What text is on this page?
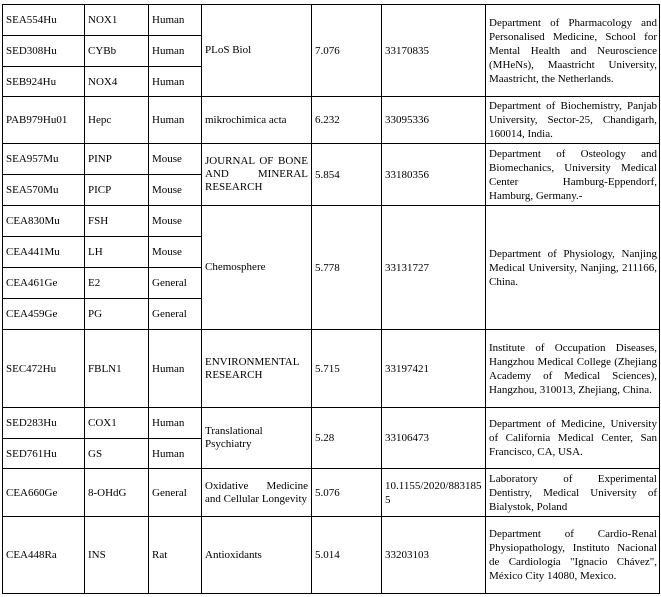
SEA554Hu	NOX1	Human	PLoS Biol	7.076	33170835	Department of Pharmacology and Personalised Medicine, School for Mental Health and Neuroscience (MHeNs), Maastricht University, Maastricht, the Netherlands.
SED308Hu	CYBb	Human				
SEB924Hu	NOX4	Human				
PAB979Hu01	Hepc	Human	mikrochimica acta	6.232	33095336	Department of Biochemistry, Panjab University, Sector-25, Chandigarh, 160014, India.
SEA957Mu	PINP	Mouse	JOURNAL OF BONE AND MINERAL RESEARCH	5.854	33180356	Department of Osteology and Biomechanics, University Medical Center Hamburg-Eppendorf, Hamburg, Germany.-
SEA570Mu	PICP	Mouse				
CEA830Mu	FSH	Mouse	Chemosphere	5.778	33131727	Department of Physiology, Nanjing Medical University, Nanjing, 211166, China.
CEA441Mu	LH	Mouse				
CEA461Ge	E2	General				
CEA459Ge	PG	General				
SEC472Hu	FBLN1	Human	ENVIRONMENTAL RESEARCH	5.715	33197421	Institute of Occupation Diseases, Hangzhou Medical College (Zhejiang Academy of Medical Sciences), Hangzhou, 310013, Zhejiang, China.
SED283Hu	COX1	Human	Translational Psychiatry	5.28	33106473	Department of Medicine, University of California Medical Center, San Francisco, CA, USA.
SED761Hu	GS	Human				
CEA660Ge	8-OHdG	General	Oxidative Medicine and Cellular Longevity	5.076	10.1155/2020/8831855	Laboratory of Experimental Dentistry, Medical University of Bialystok, Poland
CEA448Ra	INS	Rat	Antioxidants	5.014	33203103	Department of Cardio-Renal Physiopathology, Instituto Nacional de Cardiología "Ignacio Chávez", México City 14080, Mexico.
